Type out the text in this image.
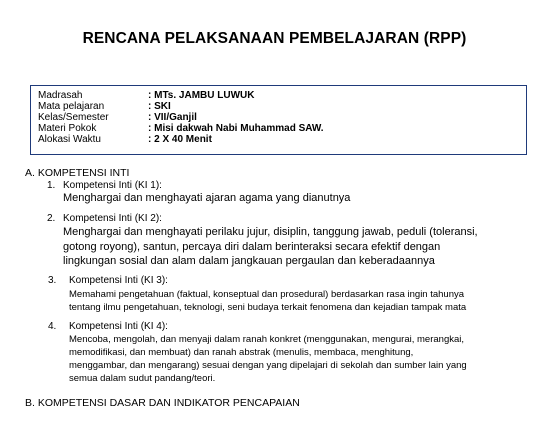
RENCANA PELAKSANAAN PEMBELAJARAN (RPP)
Madrasah	: MTs. JAMBU LUWUK
Mata pelajaran	: SKI
Kelas/Semester	: VII/Ganjil
Materi Pokok	: Misi dakwah Nabi Muhammad SAW.
Alokasi Waktu	: 2 X 40 Menit
A. KOMPETENSI INTI
1. Kompetensi Inti (KI 1):
Menghargai dan menghayati ajaran agama yang dianutnya
2. Kompetensi Inti (KI 2):
Menghargai dan menghayati perilaku jujur, disiplin, tanggung jawab, peduli (toleransi,
gotong royong), santun, percaya diri dalam berinteraksi secara efektif dengan
lingkungan sosial dan alam dalam jangkauan pergaulan dan keberadaannya
3. Kompetensi Inti (KI 3):
Memahami pengetahuan (faktual, konseptual dan prosedural) berdasarkan rasa ingin tahunya
tentang ilmu pengetahuan, teknologi, seni budaya terkait fenomena dan kejadian tampak mata
4. Kompetensi Inti (KI 4):
Mencoba, mengolah, dan menyaji dalam ranah konkret (menggunakan, mengurai, merangkai,
memodifikasi, dan membuat) dan ranah abstrak (menulis, membaca, menghitung,
menggambar, dan mengarang) sesuai dengan yang dipelajari di sekolah dan sumber lain yang
semua dalam sudut pandang/teori.
B. KOMPETENSI DASAR DAN INDIKATOR PENCAPAIAN
